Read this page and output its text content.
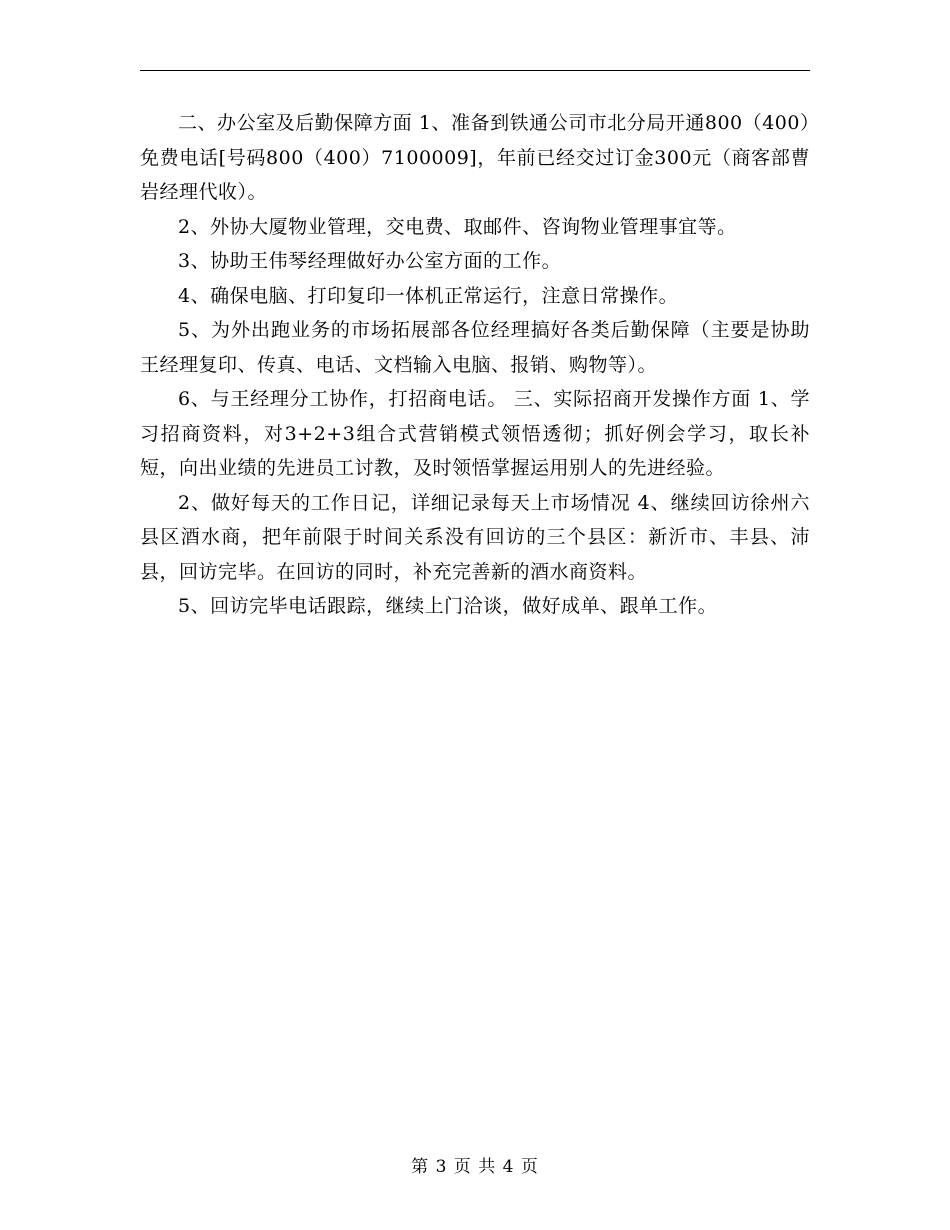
二、办公室及后勤保障方面 1、准备到铁通公司市北分局开通800（400）免费电话[号码800（400）7100009]，年前已经交过订金300元（商客部曹岩经理代收）。

2、外协大厦物业管理，交电费、取邮件、咨询物业管理事宜等。

3、协助王伟琴经理做好办公室方面的工作。

4、确保电脑、打印复印一体机正常运行，注意日常操作。

5、为外出跑业务的市场拓展部各位经理搞好各类后勤保障（主要是协助王经理复印、传真、电话、文档输入电脑、报销、购物等）。

6、与王经理分工协作，打招商电话。 三、实际招商开发操作方面 1、学习招商资料，对3+2+3组合式营销模式领悟透彻；抓好例会学习，取长补短，向出业绩的先进员工讨教，及时领悟掌握运用别人的先进经验。

2、做好每天的工作日记，详细记录每天上市场情况 4、继续回访徐州六县区酒水商，把年前限于时间关系没有回访的三个县区：新沂市、丰县、沛县，回访完毕。在回访的同时，补充完善新的酒水商资料。

5、回访完毕电话跟踪，继续上门洽谈，做好成单、跟单工作。

第 3 页 共 4 页
